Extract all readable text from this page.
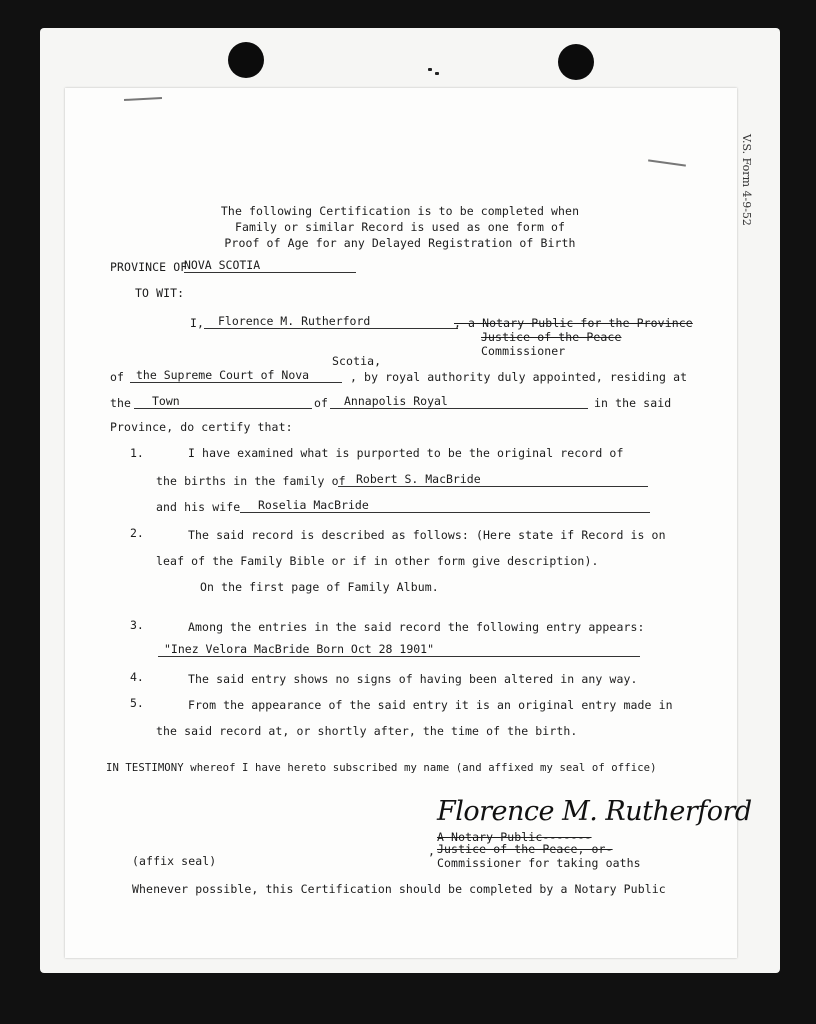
V.S. Form 4-9-52
The following Certification is to be completed when
Family or similar Record is used as one form of
Proof of Age for any Delayed Registration of Birth
PROVINCE OF
NOVA SCOTIA
TO WIT:
I,	Florence M. Rutherford	, a Notary Public for the Province
Justice of the Peace
Commissioner
Scotia,
of	the Supreme Court of Nova	, by royal authority duly appointed, residing at
the	Town	of	Annapolis Royal	in the said
Province, do certify that:
1.	I have examined what is purported to be the original record of
the births in the family of Robert S. MacBride
and his wife	Roselia MacBride
2.	The said record is described as follows: (Here state if Record is on
leaf of the Family Bible or if in other form give description).
On the first page of Family Album.
3.	Among the entries in the said record the following entry appears:
"Inez Velora MacBride Born Oct 28 1901"
4.	The said entry shows no signs of having been altered in any way.
5.	From the appearance of the said entry it is an original entry made in
the said record at, or shortly after, the time of the birth.
IN TESTIMONY whereof I have hereto subscribed my name (and affixed my seal of office)
Florence M. Rutherford
A Notary Public-------
, Justice of the Peace, or-
Commissioner for taking oaths
(affix seal)
Whenever possible, this Certification should be completed by a Notary Public
